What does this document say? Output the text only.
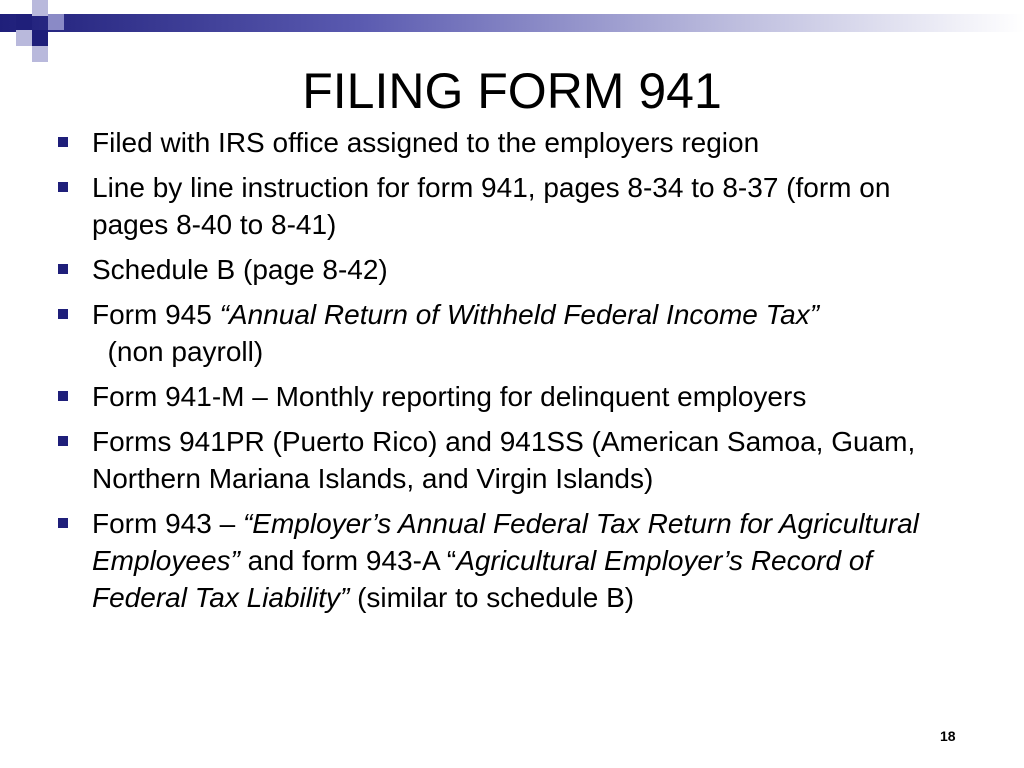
FILING FORM 941
Filed with IRS office assigned to the employers region
Line by line instruction for form 941, pages 8-34 to 8-37 (form on pages 8-40 to 8-41)
Schedule B (page 8-42)
Form 945 “Annual Return of Withheld Federal Income Tax”  (non payroll)
Form 941-M – Monthly reporting for delinquent employers
Forms 941PR (Puerto Rico) and 941SS (American Samoa, Guam, Northern Mariana Islands, and Virgin Islands)
Form 943 – “Employer’s Annual Federal Tax Return for Agricultural Employees” and form 943-A “Agricultural Employer’s Record of Federal Tax Liability” (similar to schedule B)
18
